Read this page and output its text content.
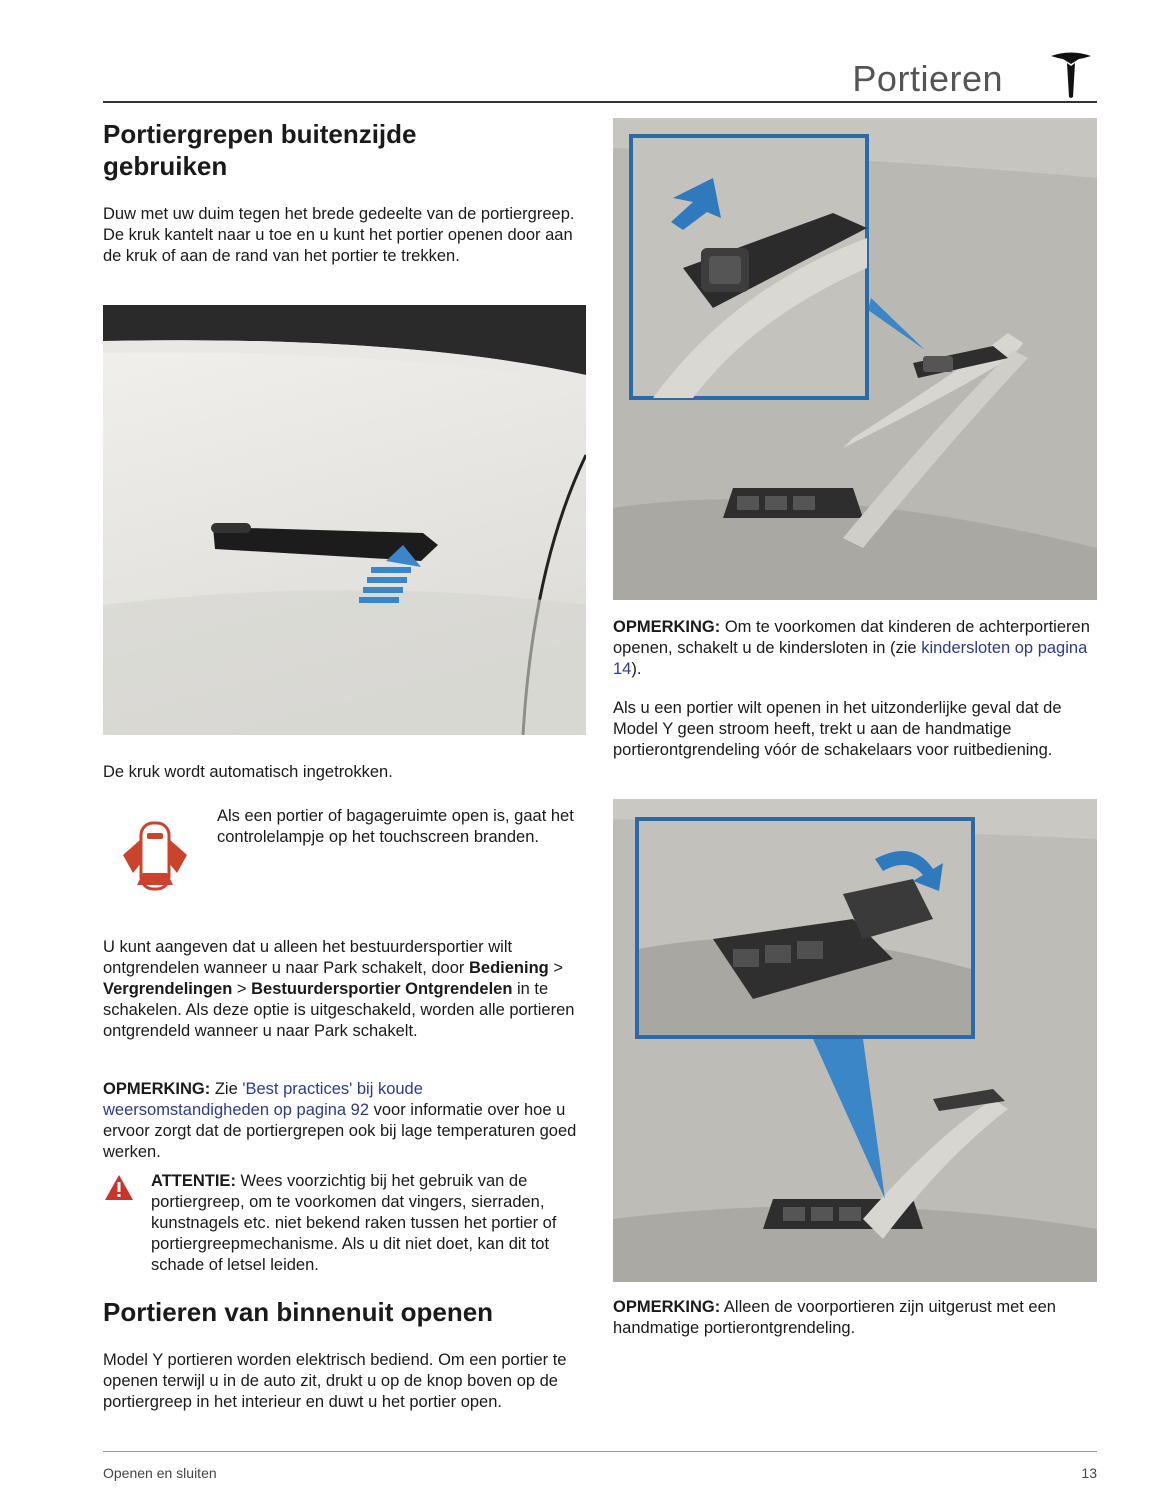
Portieren
Portiergrepen buitenzijde gebruiken

Duw met uw duim tegen het brede gedeelte van de portiergreep. De kruk kantelt naar u toe en u kunt het portier openen door aan de kruk of aan de rand van het portier te trekken.

De kruk wordt automatisch ingetrokken.

Als een portier of bagageruimte open is, gaat het controlelampje op het touchscreen branden.

U kunt aangeven dat u alleen het bestuurdersportier wilt ontgrendelen wanneer u naar Park schakelt, door Bediening > Vergrendelingen > Bestuurdersportier Ontgrendelen in te schakelen. Als deze optie is uitgeschakeld, worden alle portieren ontgrendeld wanneer u naar Park schakelt.

OPMERKING: Zie 'Best practices' bij koude weersomstandigheden op pagina 92 voor informatie over hoe u ervoor zorgt dat de portiergrepen ook bij lage temperaturen goed werken.

ATTENTIE: Wees voorzichtig bij het gebruik van de portiergreep, om te voorkomen dat vingers, sierraden, kunstnagels etc. niet bekend raken tussen het portier of portiergreepmechanisme. Als u dit niet doet, kan dit tot schade of letsel leiden.

Portieren van binnenuit openen

Model Y portieren worden elektrisch bediend. Om een portier te openen terwijl u in de auto zit, drukt u op de knop boven op de portiergreep in het interieur en duwt u het portier open.

OPMERKING: Om te voorkomen dat kinderen de achterportieren openen, schakelt u de kindersloten in (zie kindersloten op pagina 14).

Als u een portier wilt openen in het uitzonderlijke geval dat de Model Y geen stroom heeft, trekt u aan de handmatige portierontgrendeling vóór de schakelaars voor ruitbediening.

OPMERKING: Alleen de voorportieren zijn uitgerust met een handmatige portierontgrendeling.

Openen en sluiten	13
